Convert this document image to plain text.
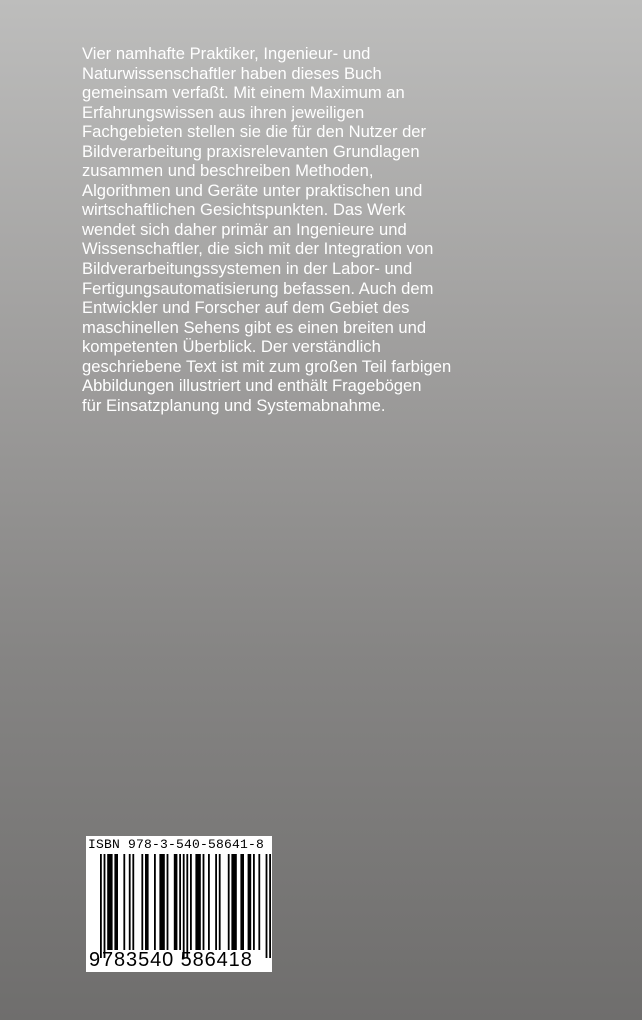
Vier namhafte Praktiker, Ingenieur- und
Naturwissenschaftler haben dieses Buch
gemeinsam verfaßt. Mit einem Maximum an
Erfahrungswissen aus ihren jeweiligen
Fachgebieten stellen sie die für den Nutzer der
Bildverarbeitung praxisrelevanten Grundlagen
zusammen und beschreiben Methoden,
Algorithmen und Geräte unter praktischen und
wirtschaftlichen Gesichtspunkten. Das Werk
wendet sich daher primär an Ingenieure und
Wissenschaftler, die sich mit der Integration von
Bildverarbeitungssystemen in der Labor- und
Fertigungsautomatisierung befassen. Auch dem
Entwickler und Forscher auf dem Gebiet des
maschinellen Sehens gibt es einen breiten und
kompetenten Überblick. Der verständlich
geschriebene Text ist mit zum großen Teil farbigen
Abbildungen illustriert und enthält Fragebögen
für Einsatzplanung und Systemabnahme.
ISBN 978-3-540-58641-8
9 783540 586418
